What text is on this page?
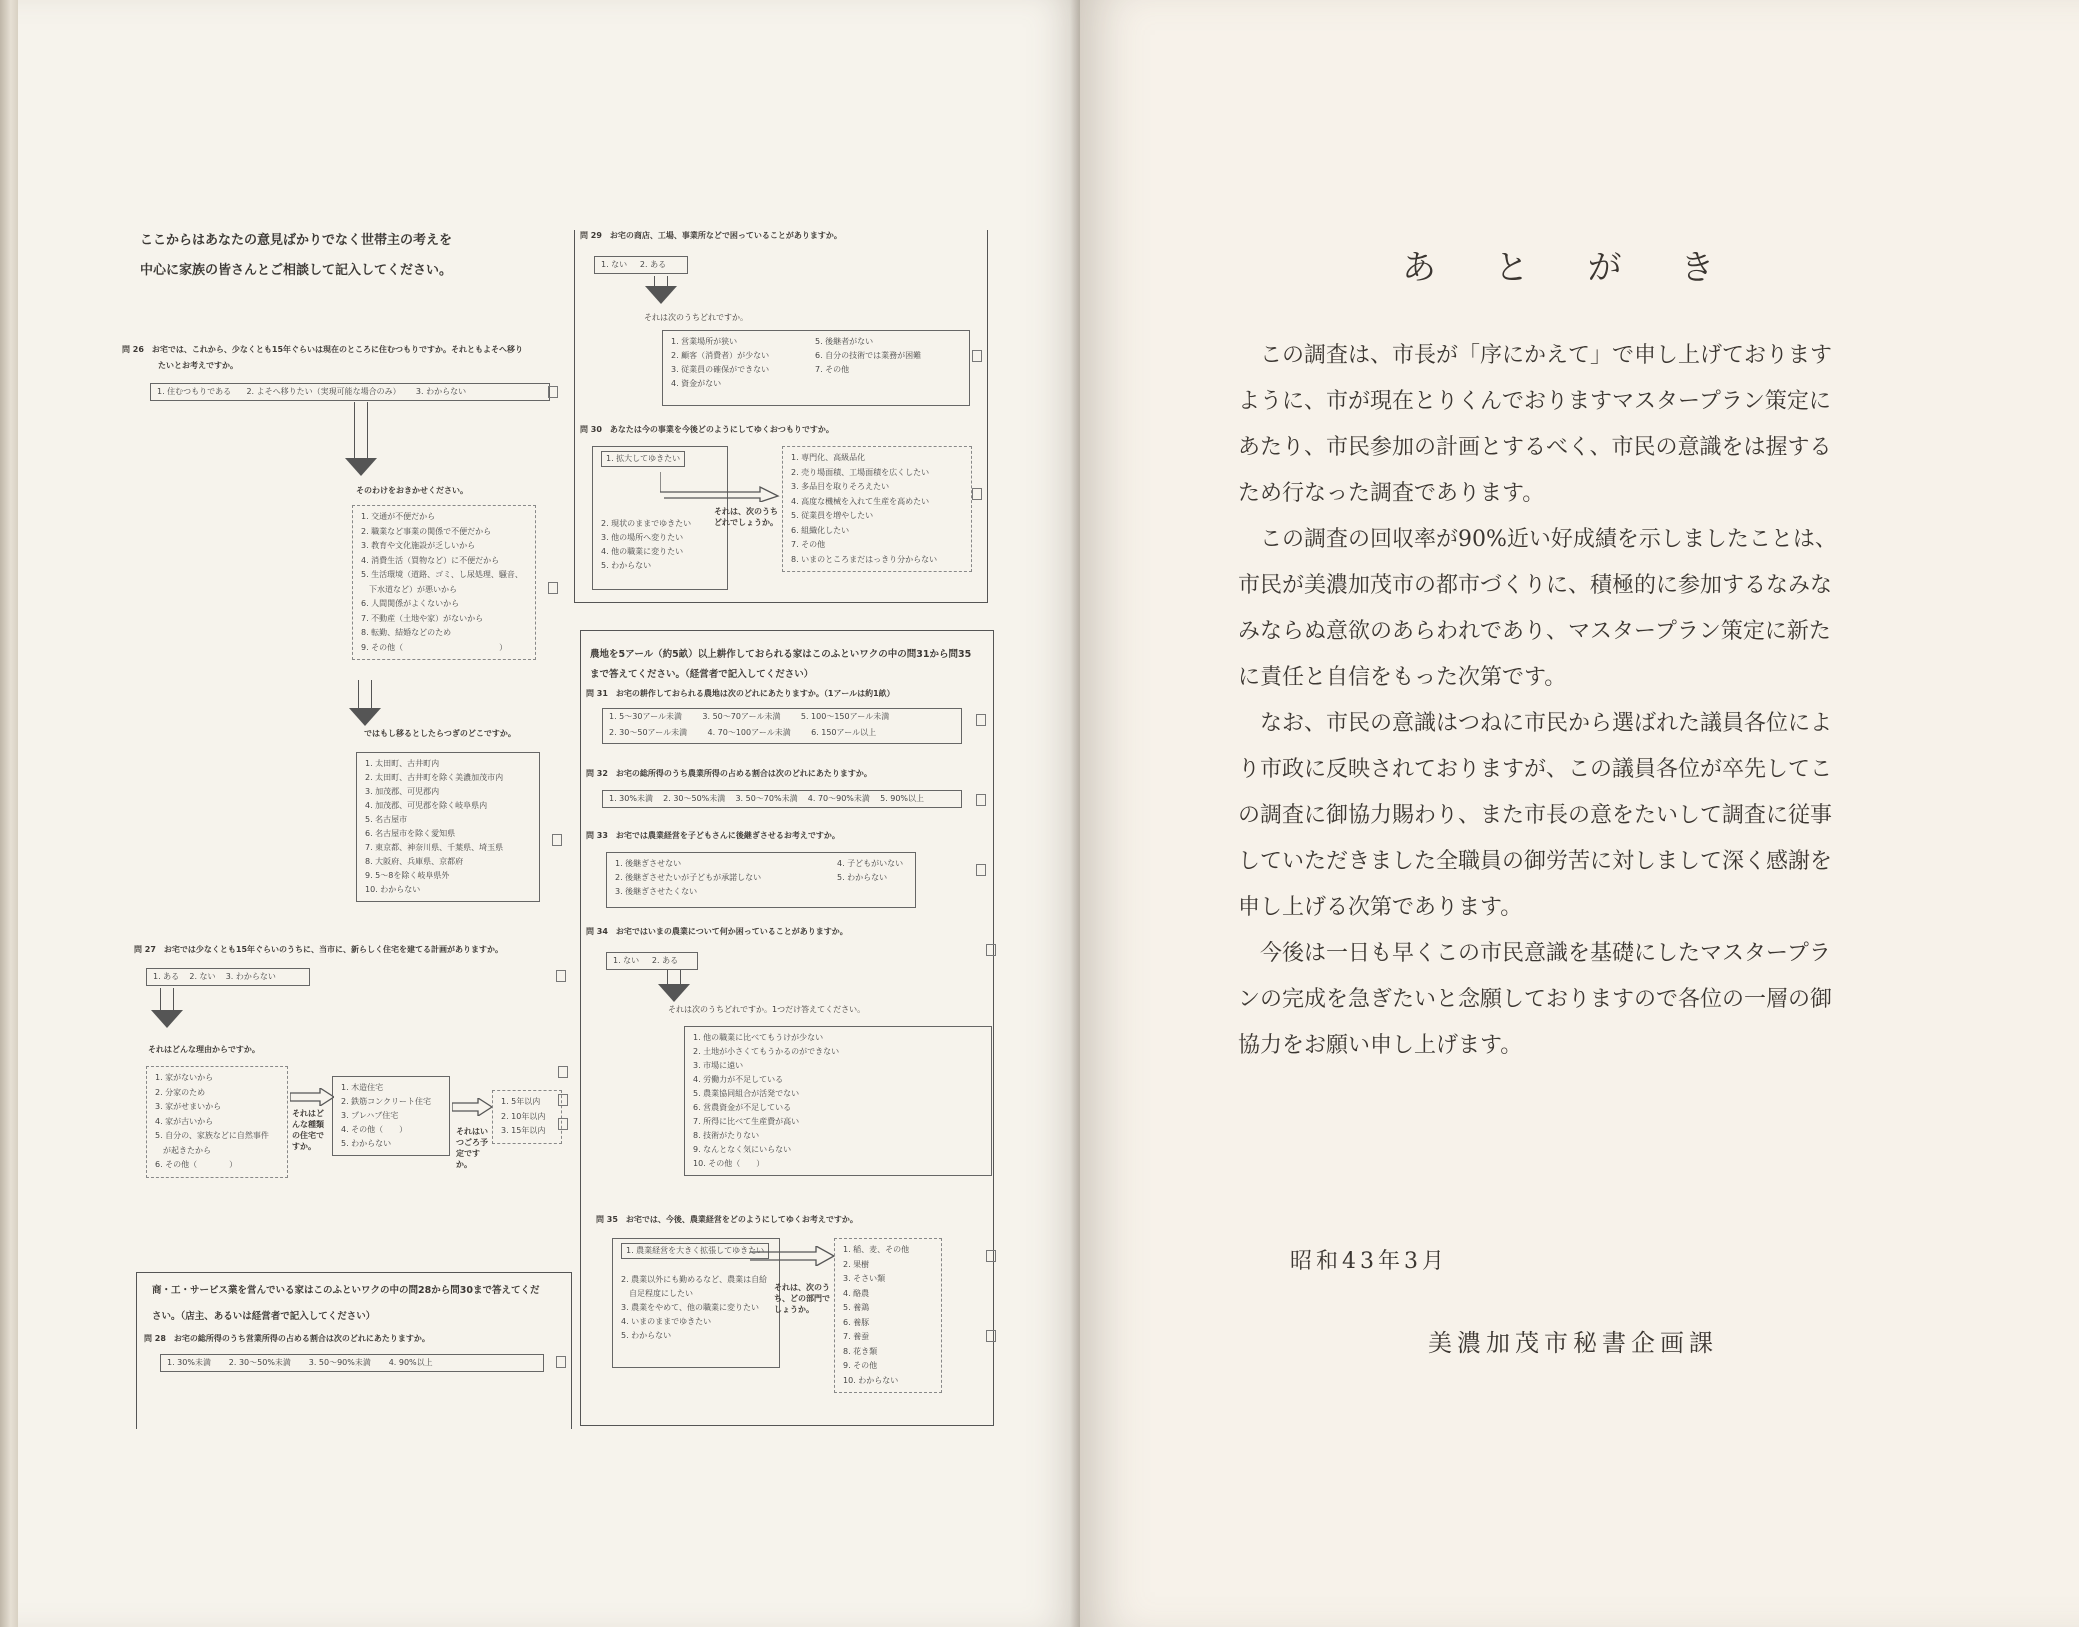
ここからはあなたの意見ばかりでなく世帯主の考えを
中心に家族の皆さんとご相談して記入してください。
問 26　お宅では、これから、少なくとも15年ぐらいは現在のところに住むつもりですか。それともよそへ移り
たいとお考えですか。
1. 住むつもりである 2. よそへ移りたい（実現可能な場合のみ） 3. わからない
そのわけをおきかせください。
1. 交通が不便だから
2. 職業など事業の関係で不便だから
3. 教育や文化施設が乏しいから
4. 消費生活（買物など）に不便だから
5. 生活環境（道路、ゴミ、し尿処理、騒音、
　下水道など）が悪いから
6. 人間関係がよくないから
7. 不動産（土地や家）がないから
8. 転勤、結婚などのため
9. その他（　　　　　　　　　　　　）
ではもし移るとしたらつぎのどこですか。
1. 太田町、古井町内
2. 太田町、古井町を除く美濃加茂市内
3. 加茂郡、可児郡内
4. 加茂郡、可児郡を除く岐阜県内
5. 名古屋市
6. 名古屋市を除く愛知県
7. 東京都、神奈川県、千葉県、埼玉県
8. 大阪府、兵庫県、京都府
9. 5〜8を除く岐阜県外
10. わからない
問 27　お宅では少なくとも15年ぐらいのうちに、当市に、新らしく住宅を建てる計画がありますか。
1. ある 2. ない 3. わからない
それはどんな理由からですか。
1. 家がないから
2. 分家のため
3. 家がせまいから
4. 家が古いから
5. 自分の、家族などに自然事件
　が起きたから
6. その他（　　　　）
それはどんな種類の住宅ですか。
1. 木造住宅
2. 鉄筋コンクリート住宅
3. プレハブ住宅
4. その他（　　）
5. わからない
それはいつごろ予定ですか。
1. 5年以内
2. 10年以内
3. 15年以内
商・工・サービス業を営んでいる家はこのふといワクの中の問28から問30まで答えてくだ
さい。（店主、あるいは経営者で記入してください）
問 28　お宅の総所得のうち営業所得の占める割合は次のどれにあたりますか。
1. 30%未満 2. 30〜50%未満 3. 50〜90%未満 4. 90%以上
問 29　お宅の商店、工場、事業所などで困っていることがありますか。
1. ない 2. ある
それは次のうちどれですか。
1. 営業場所が狭い
2. 顧客（消費者）が少ない
3. 従業員の確保ができない
4. 資金がない
5. 後継者がない
6. 自分の技術では業務が困難
7. その他
問 30　あなたは今の事業を今後どのようにしてゆくおつもりですか。
1. 拡大してゆきたい
2. 現状のままでゆきたい
3. 他の場所へ変りたい
4. 他の職業に変りたい
5. わからない
それは、次のうちどれでしょうか。
1. 専門化、高級品化
2. 売り場面積、工場面積を広くしたい
3. 多品目を取りそろえたい
4. 高度な機械を入れて生産を高めたい
5. 従業員を増やしたい
6. 組織化したい
7. その他
8. いまのところまだはっきり分からない
農地を5アール（約5畝）以上耕作しておられる家はこのふといワクの中の問31から問35
まで答えてください。（経営者で記入してください）
問 31　お宅の耕作しておられる農地は次のどれにあたりますか。（1アールは約1畝）
1. 5〜30アール未満	3. 50〜70アール未満	5. 100〜150アール未満
2. 30〜50アール未満	4. 70〜100アール未満	6. 150アール以上
問 32　お宅の総所得のうち農業所得の占める割合は次のどれにあたりますか。
1. 30%未満 2. 30〜50%未満 3. 50〜70%未満 4. 70〜90%未満 5. 90%以上
問 33　お宅では農業経営を子どもさんに後継ぎさせるお考えですか。
1. 後継ぎさせない
2. 後継ぎさせたいが子どもが承諾しない
3. 後継ぎさせたくない
4. 子どもがいない
5. わからない
問 34　お宅ではいまの農業について何か困っていることがありますか。
1. ない 2. ある
それは次のうちどれですか。1つだけ答えてください。
1. 他の職業に比べてもうけが少ない
2. 土地が小さくてもうかるのができない
3. 市場に遠い
4. 労働力が不足している
5. 農業協同組合が活発でない
6. 営農資金が不足している
7. 所得に比べて生産費が高い
8. 技術がたりない
9. なんとなく気にいらない
10. その他（　　）
問 35　お宅では、今後、農業経営をどのようにしてゆくお考えですか。
1. 農業経営を大きく拡張してゆきたい
2. 農業以外にも勤めるなど、農業は自給
　自足程度にしたい
3. 農業をやめて、他の職業に変りたい
4. いまのままでゆきたい
5. わからない
それは、次のうち、どの部門でしょうか。
1. 稲、麦、その他
2. 果樹
3. そさい類
4. 酪農
5. 養鶏
6. 養豚
7. 養蚕
8. 花き類
9. その他
10. わからない
あ と が き

この調査は、市長が「序にかえて」で申し上げておりますように、市が現在とりくんでおりますマスタープラン策定にあたり、市民参加の計画とするべく、市民の意識をは握するため行なった調査であります。

この調査の回収率が90%近い好成績を示しましたことは、市民が美濃加茂市の都市づくりに、積極的に参加するなみなみならぬ意欲のあらわれであり、マスタープラン策定に新たに責任と自信をもった次第です。

なお、市民の意識はつねに市民から選ばれた議員各位により市政に反映されておりますが、この議員各位が卒先してこの調査に御協力賜わり、また市長の意をたいして調査に従事していただきました全職員の御労苦に対しまして深く感謝を申し上げる次第であります。

今後は一日も早くこの市民意識を基礎にしたマスタープランの完成を急ぎたいと念願しておりますので各位の一層の御協力をお願い申し上げます。

昭和43年3月
美濃加茂市秘書企画課
